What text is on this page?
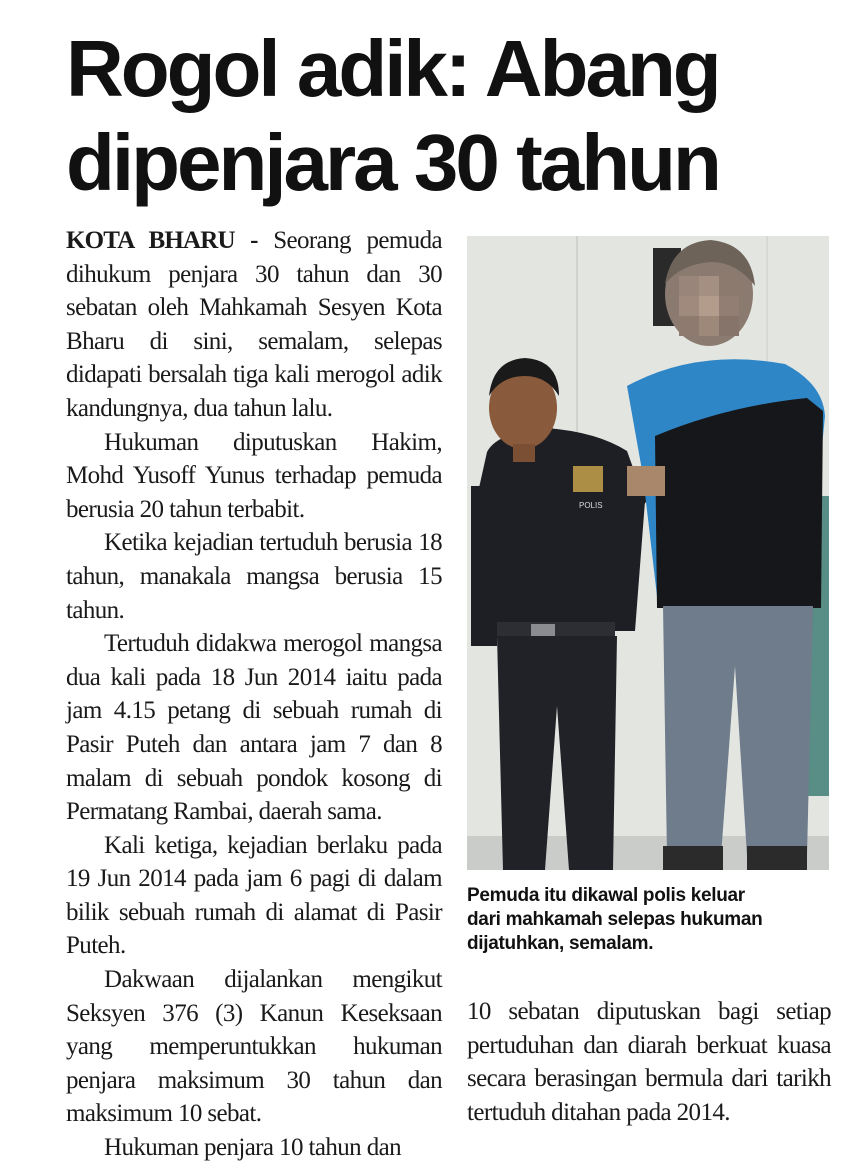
Rogol adik: Abang
dipenjara 30 tahun

KOTA BHARU - Seorang pemuda dihukum penjara 30 tahun dan 30 sebatan oleh Mahkamah Sesyen Kota Bharu di sini, semalam, selepas didapati bersalah tiga kali merogol adik kandungnya, dua tahun lalu.

Hukuman diputuskan Hakim, Mohd Yusoff Yunus terhadap pemuda berusia 20 tahun terbabit.

Ketika kejadian tertuduh berusia 18 tahun, manakala mangsa berusia 15 tahun.

Tertuduh didakwa merogol mangsa dua kali pada 18 Jun 2014 iaitu pada jam 4.15 petang di sebuah rumah di Pasir Puteh dan antara jam 7 dan 8 malam di sebuah pondok kosong di Permatang Rambai, daerah sama.

Kali ketiga, kejadian berlaku pada 19 Jun 2014 pada jam 6 pagi di dalam bilik sebuah rumah di alamat di Pasir Puteh.

Dakwaan dijalankan mengikut Seksyen 376 (3) Kanun Keseksaan yang memperuntukkan hukuman penjara maksimum 30 tahun dan maksimum 10 sebat.

Hukuman penjara 10 tahun dan

POLIS
Pemuda itu dikawal polis keluar
dari mahkamah selepas hukuman
dijatuhkan, semalam.

10 sebatan diputuskan bagi setiap pertuduhan dan diarah berkuat kuasa secara berasingan bermula dari tarikh tertuduh ditahan pada 2014.
